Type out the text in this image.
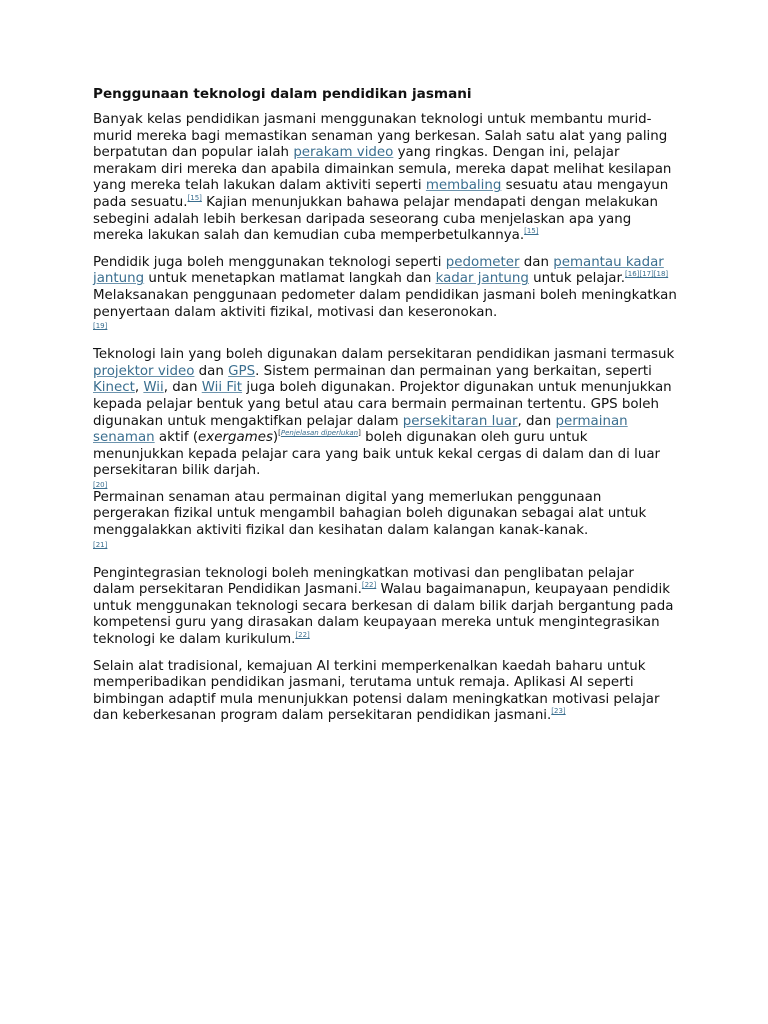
Penggunaan teknologi dalam pendidikan jasmani

Banyak kelas pendidikan jasmani menggunakan teknologi untuk membantu murid-murid mereka bagi memastikan senaman yang berkesan. Salah satu alat yang paling berpatutan dan popular ialah perakam video yang ringkas. Dengan ini, pelajar merakam diri mereka dan apabila dimainkan semula, mereka dapat melihat kesilapan yang mereka telah lakukan dalam aktiviti seperti membaling sesuatu atau mengayun pada sesuatu.[15] Kajian menunjukkan bahawa pelajar mendapati dengan melakukan sebegini adalah lebih berkesan daripada seseorang cuba menjelaskan apa yang mereka lakukan salah dan kemudian cuba memperbetulkannya.[15]

Pendidik juga boleh menggunakan teknologi seperti pedometer dan pemantau kadar jantung untuk menetapkan matlamat langkah dan kadar jantung untuk pelajar.[16][17][18] Melaksanakan penggunaan pedometer dalam pendidikan jasmani boleh meningkatkan penyertaan dalam aktiviti fizikal, motivasi dan keseronokan.
[19]

Teknologi lain yang boleh digunakan dalam persekitaran pendidikan jasmani termasuk projektor video dan GPS. Sistem permainan dan permainan yang berkaitan, seperti Kinect, Wii, dan Wii Fit juga boleh digunakan. Projektor digunakan untuk menunjukkan kepada pelajar bentuk yang betul atau cara bermain permainan tertentu. GPS boleh digunakan untuk mengaktifkan pelajar dalam persekitaran luar, dan permainan senaman aktif (exergames)[Penjelasan diperlukan] boleh digunakan oleh guru untuk menunjukkan kepada pelajar cara yang baik untuk kekal cergas di dalam dan di luar persekitaran bilik darjah.
[20]
Permainan senaman atau permainan digital yang memerlukan penggunaan pergerakan fizikal untuk mengambil bahagian boleh digunakan sebagai alat untuk menggalakkan aktiviti fizikal dan kesihatan dalam kalangan kanak-kanak.
[21]

Pengintegrasian teknologi boleh meningkatkan motivasi dan penglibatan pelajar dalam persekitaran Pendidikan Jasmani.[22] Walau bagaimanapun, keupayaan pendidik untuk menggunakan teknologi secara berkesan di dalam bilik darjah bergantung pada kompetensi guru yang dirasakan dalam keupayaan mereka untuk mengintegrasikan teknologi ke dalam kurikulum.[22]

Selain alat tradisional, kemajuan AI terkini memperkenalkan kaedah baharu untuk memperibadikan pendidikan jasmani, terutama untuk remaja. Aplikasi AI seperti bimbingan adaptif mula menunjukkan potensi dalam meningkatkan motivasi pelajar dan keberkesanan program dalam persekitaran pendidikan jasmani.[23]
